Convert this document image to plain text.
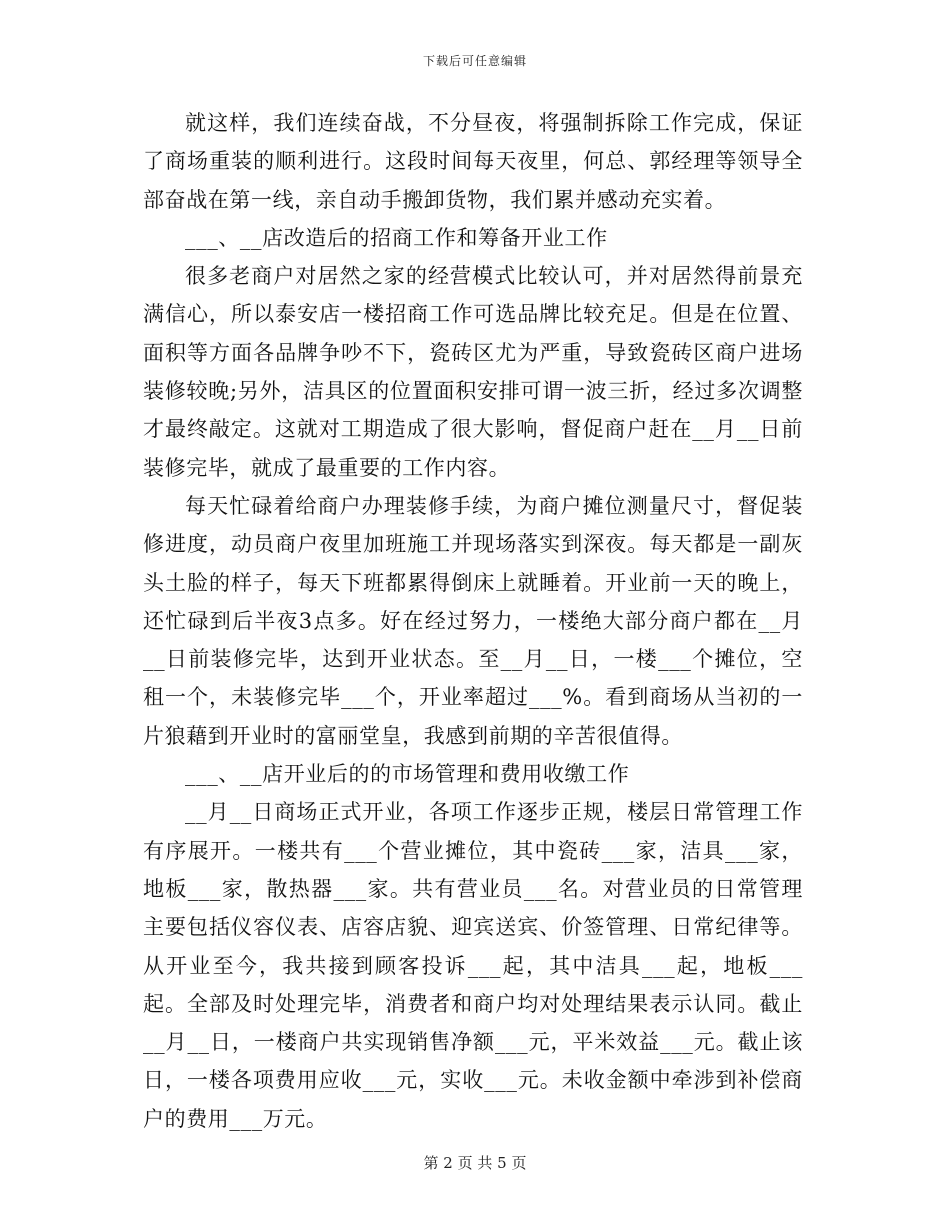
下载后可任意编辑

就这样，我们连续奋战，不分昼夜，将强制拆除工作完成，保证了商场重装的顺利进行。这段时间每天夜里，何总、郭经理等领导全部奋战在第一线，亲自动手搬卸货物，我们累并感动充实着。

___、__店改造后的招商工作和筹备开业工作

很多老商户对居然之家的经营模式比较认可，并对居然得前景充满信心，所以泰安店一楼招商工作可选品牌比较充足。但是在位置、面积等方面各品牌争吵不下，瓷砖区尤为严重，导致瓷砖区商户进场装修较晚;另外，洁具区的位置面积安排可谓一波三折，经过多次调整才最终敲定。这就对工期造成了很大影响，督促商户赶在__月__日前装修完毕，就成了最重要的工作内容。

每天忙碌着给商户办理装修手续，为商户摊位测量尺寸，督促装修进度，动员商户夜里加班施工并现场落实到深夜。每天都是一副灰头土脸的样子，每天下班都累得倒床上就睡着。开业前一天的晚上，还忙碌到后半夜3点多。好在经过努力，一楼绝大部分商户都在__月__日前装修完毕，达到开业状态。至__月__日，一楼___个摊位，空租一个，未装修完毕___个，开业率超过___%。看到商场从当初的一片狼藉到开业时的富丽堂皇，我感到前期的辛苦很值得。

___、__店开业后的的市场管理和费用收缴工作

__月__日商场正式开业，各项工作逐步正规，楼层日常管理工作有序展开。一楼共有___个营业摊位，其中瓷砖___家，洁具___家，地板___家，散热器___家。共有营业员___名。对营业员的日常管理主要包括仪容仪表、店容店貌、迎宾送宾、价签管理、日常纪律等。从开业至今，我共接到顾客投诉___起，其中洁具___起，地板___起。全部及时处理完毕，消费者和商户均对处理结果表示认同。截止__月__日，一楼商户共实现销售净额___元，平米效益___元。截止该日，一楼各项费用应收___元，实收___元。未收金额中牵涉到补偿商户的费用___万元。

第 2 页 共 5 页
